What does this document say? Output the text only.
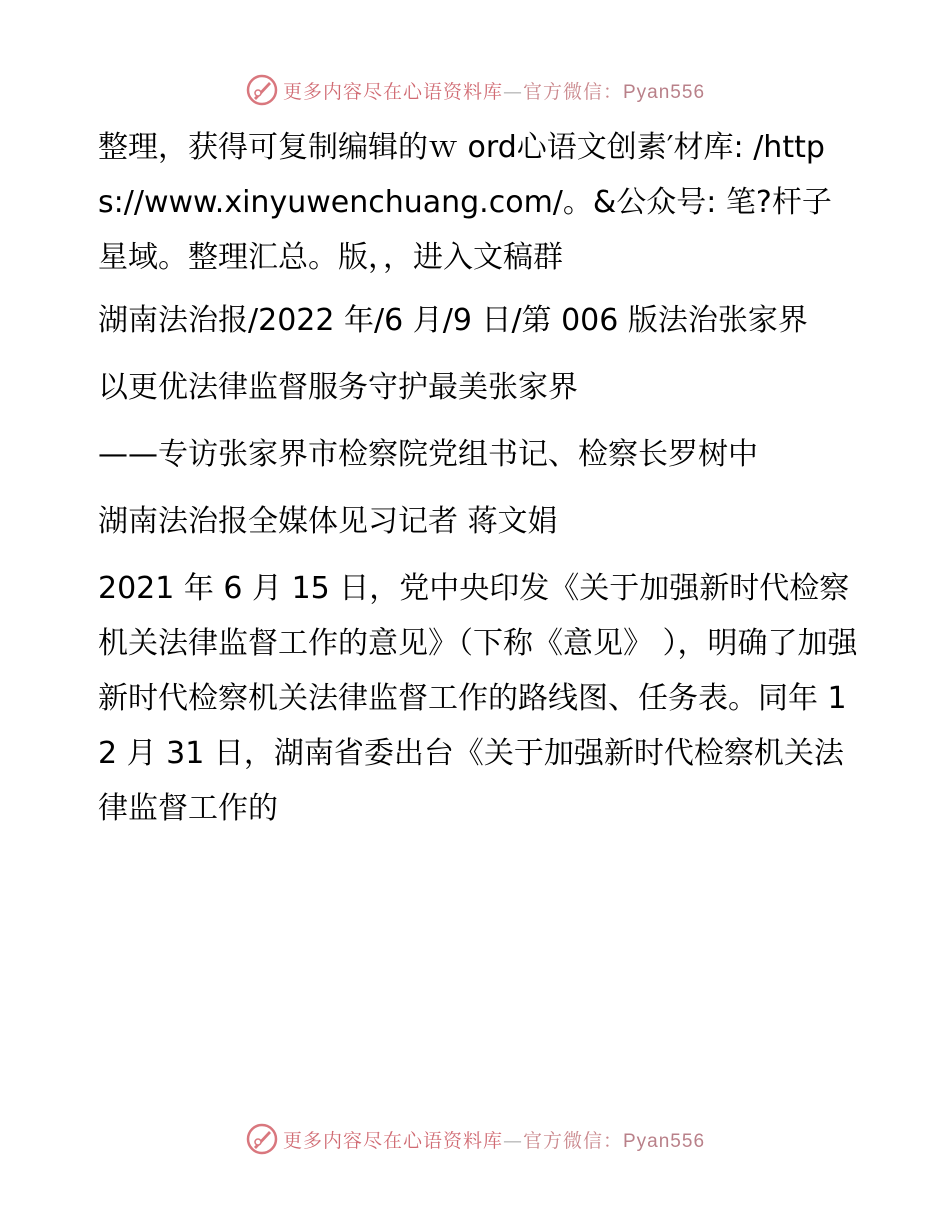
更多内容尽在心语资料库—官方微信：Pyan556

整理，获得可复制编辑的ｗ ord心语文创素′材库: /https://www.xinyuwenchuang.com/。&公众号: 笔?杆子星域。整理汇总。版，，进入文稿群

湖南法治报/2022 年/6 月/9 日/第 006 版法治张家界

以更优法律监督服务守护最美张家界

——专访张家界市检察院党组书记、检察长罗树中

湖南法治报全媒体见习记者 蒋文娟

2021 年 6 月 15 日，党中央印发《关于加强新时代检察机关法律监督工作的意见》（下称《意见》 ），明确了加强新时代检察机关法律监督工作的路线图、任务表。同年 12 月 31 日，湖南省委出台《关于加强新时代检察机关法律监督工作的

更多内容尽在心语资料库—官方微信：Pyan556
